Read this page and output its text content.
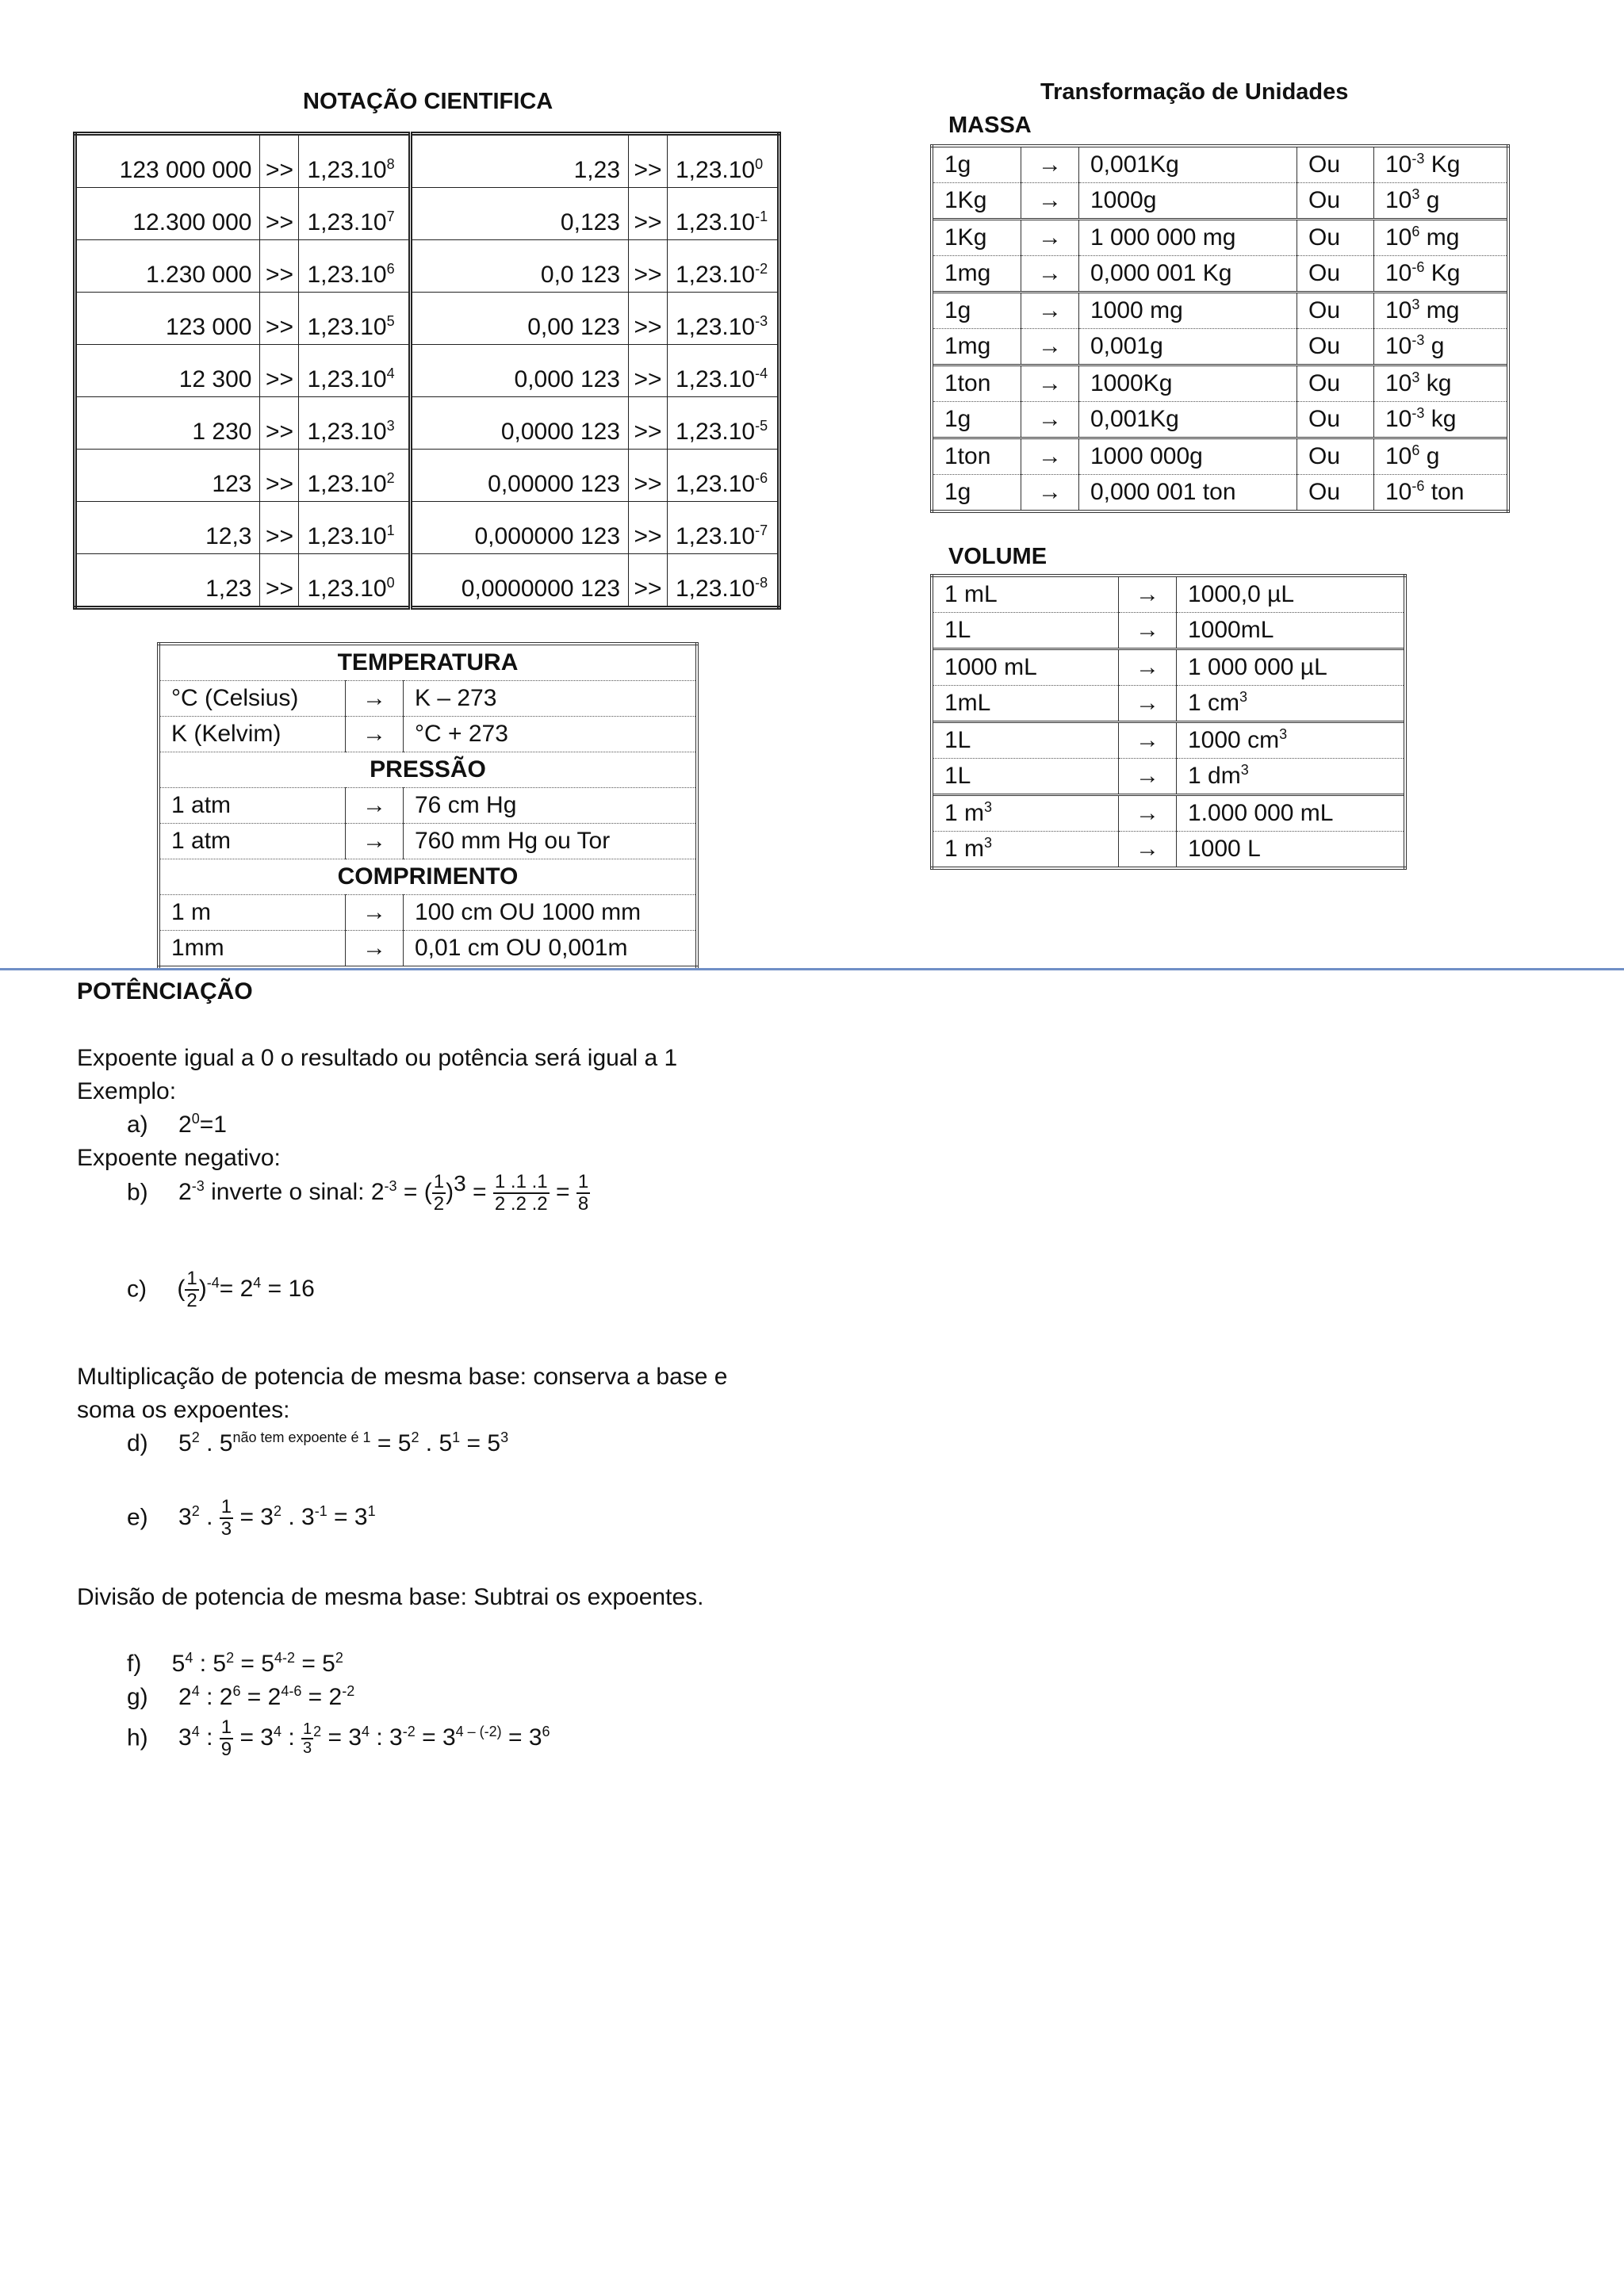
NOTAÇÃO CIENTIFICA
123 000 000	>>	$1,23.10^8$	1,23	>>	$1,23.10^0$
12.300 000	>>	$1,23.10^7$	0,123	>>	$1,23.10^{-1}$
1.230 000	>>	$1,23.10^6$	0,0 123	>>	$1,23.10^{-2}$
123 000	>>	$1,23.10^5$	0,00 123	>>	$1,23.10^{-3}$
12 300	>>	$1,23.10^4$	0,000 123	>>	$1,23.10^{-4}$
1 230	>>	$1,23.10^3$	0,0000 123	>>	$1,23.10^{-5}$
123	>>	$1,23.10^2$	0,00000 123	>>	$1,23.10^{-6}$
12,3	>>	$1,23.10^1$	0,000000 123	>>	$1,23.10^{-7}$
1,23	>>	$1,23.10^0$	0,0000000 123	>>	$1,23.10^{-8}$
Transformação de Unidades
MASSA
1g	→	0,001Kg	Ou	$10^{-3}$ Kg
1Kg	→	1000g	Ou	$10^3$ g
1Kg	→	1 000 000 mg	Ou	$10^6$ mg
1mg	→	0,000 001 Kg	Ou	$10^{-6}$ Kg
1g	→	1000 mg	Ou	$10^3$ mg
1mg	→	0,001g	Ou	$10^{-3}$ g
1ton	→	1000Kg	Ou	$10^3$ kg
1g	→	0,001Kg	Ou	$10^{-3}$ kg
1ton	→	1000 000g	Ou	$10^6$ g
1g	→	0,000 001 ton	Ou	$10^{-6}$ ton
VOLUME
1 mL	→	1000,0 µL
1L	→	1000mL
1000 mL	→	1 000 000 µL
1mL	→	1 $cm^3$
1L	→	1000 $cm^3$
1L	→	1 $dm^3$
1 $m^3$	→	1.000 000 mL
1 $m^3$	→	1000 L
TEMPERATURA		
°C (Celsius)	→	K – 273
K (Kelvim)	→	°C + 273
PRESSÃO		
1 atm	→	76 cm Hg
1 atm	→	760 mm Hg ou Tor
COMPRIMENTO		
1 m	→	100 cm OU 1000 mm
1mm	→	0,01 cm OU 0,001m
POTÊNCIAÇÃO
Expoente igual a 0 o resultado ou potência será igual a 1
Exemplo:
a) $2^0=1$
Expoente negativo:
b) $2^{-3}$ inverte o sinal: $2^{-3}$ = ( $\frac{1}{2} )^3 = \frac{1 .1 .1}{2 .2 .2} = \frac{1}{8}$
c) ( $\frac{1}{2} )^{-4}= 2^4 = 16$
Multiplicação de potencia de mesma base: conserva a base e
soma os expoentes:
d) $5^2$ . $5^{não tem expoente é 1} = 5^2$ . $5^1 = 5^3$
e) $3^2$ . $\frac{1}{3} = 3^2$ . $3^{-1} = 3^1$
Divisão de potencia de mesma base: Subtrai os expoentes.
f) $5^4$ : $5^2 = 5^{4-2} = 5^2$
g) $2^4$ : $2^6 = 2^{4-6} = 2^{-2}$
h) $3^4$ : $\frac{1}{9} = 3^4$ : $\frac{1}{3} ^2 = 3^4$ : $3^{-2} = 3^{4 - (-2)} = 3^6$
